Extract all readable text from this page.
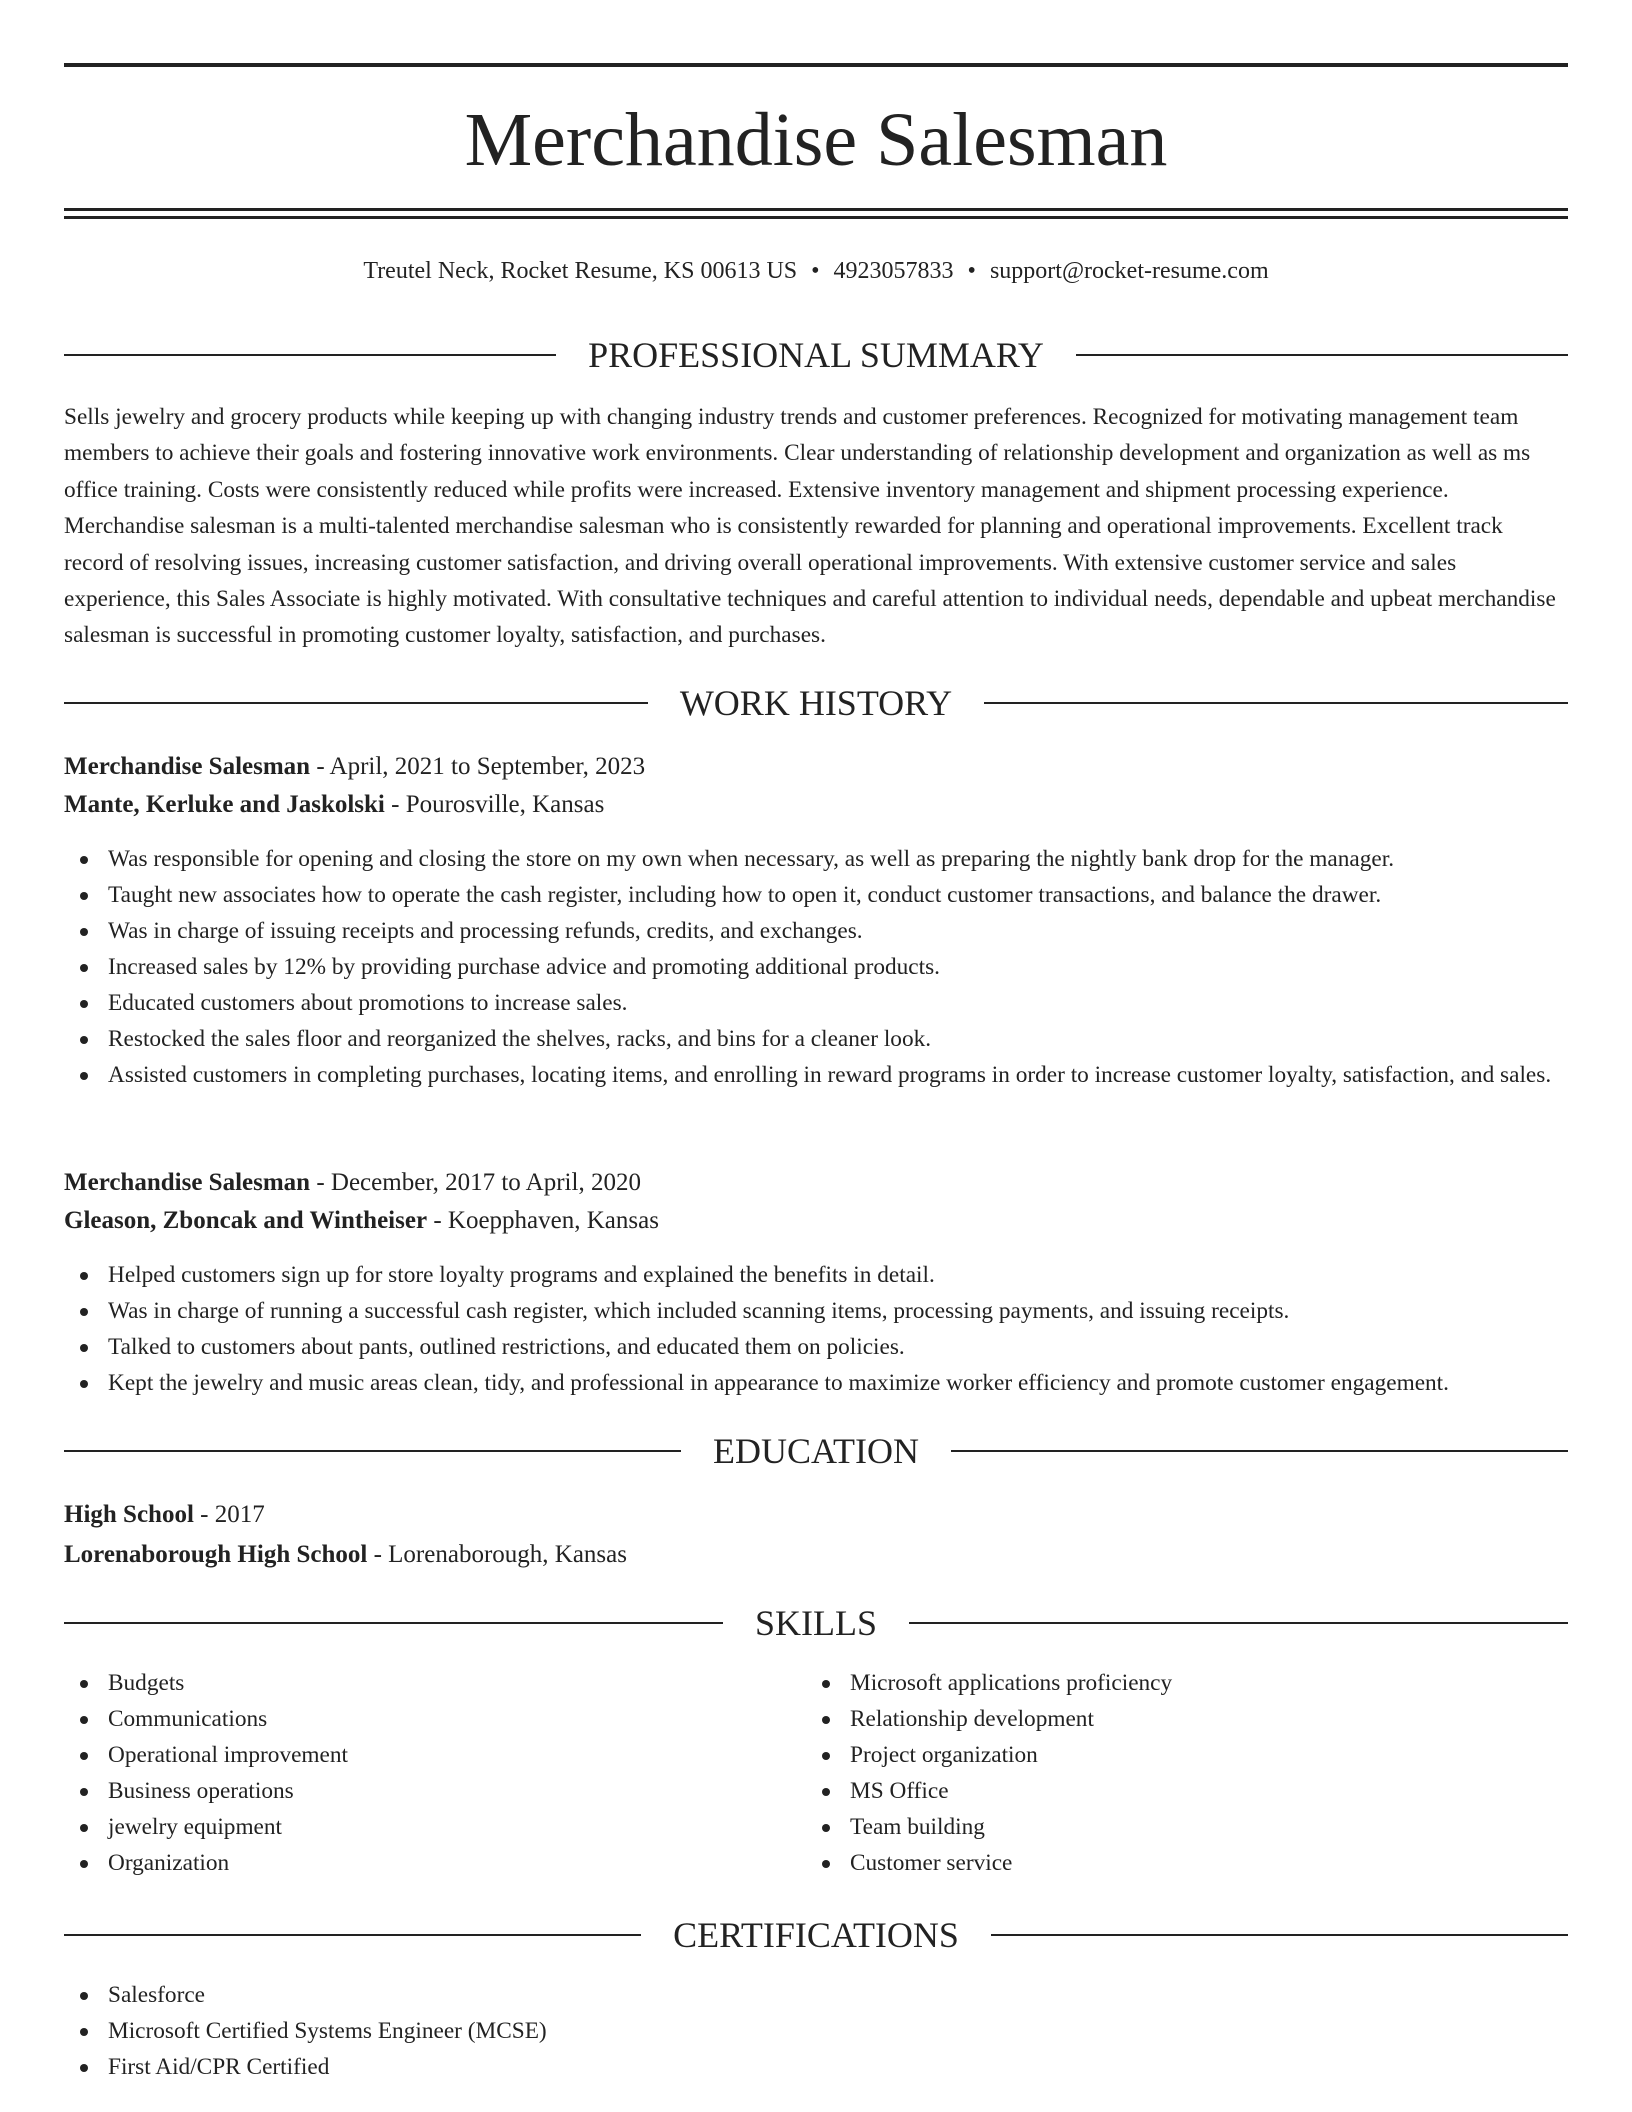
Merchandise Salesman
Treutel Neck, Rocket Resume, KS 00613 US • 4923057833 • support@rocket-resume.com
PROFESSIONAL SUMMARY

Sells jewelry and grocery products while keeping up with changing industry trends and customer preferences. Recognized for motivating management team members to achieve their goals and fostering innovative work environments. Clear understanding of relationship development and organization as well as ms office training. Costs were consistently reduced while profits were increased. Extensive inventory management and shipment processing experience. Merchandise salesman is a multi-talented merchandise salesman who is consistently rewarded for planning and operational improvements. Excellent track record of resolving issues, increasing customer satisfaction, and driving overall operational improvements. With extensive customer service and sales experience, this Sales Associate is highly motivated. With consultative techniques and careful attention to individual needs, dependable and upbeat merchandise salesman is successful in promoting customer loyalty, satisfaction, and purchases.

WORK HISTORY
Merchandise Salesman - April, 2021 to September, 2023
Mante, Kerluke and Jaskolski - Pourosville, Kansas
Was responsible for opening and closing the store on my own when necessary, as well as preparing the nightly bank drop for the manager.
Taught new associates how to operate the cash register, including how to open it, conduct customer transactions, and balance the drawer.
Was in charge of issuing receipts and processing refunds, credits, and exchanges.
Increased sales by 12% by providing purchase advice and promoting additional products.
Educated customers about promotions to increase sales.
Restocked the sales floor and reorganized the shelves, racks, and bins for a cleaner look.
Assisted customers in completing purchases, locating items, and enrolling in reward programs in order to increase customer loyalty, satisfaction, and sales.
Merchandise Salesman - December, 2017 to April, 2020
Gleason, Zboncak and Wintheiser - Koepphaven, Kansas
Helped customers sign up for store loyalty programs and explained the benefits in detail.
Was in charge of running a successful cash register, which included scanning items, processing payments, and issuing receipts.
Talked to customers about pants, outlined restrictions, and educated them on policies.
Kept the jewelry and music areas clean, tidy, and professional in appearance to maximize worker efficiency and promote customer engagement.
EDUCATION
High School - 2017
Lorenaborough High School - Lorenaborough, Kansas
SKILLS
Budgets
Communications
Operational improvement
Business operations
jewelry equipment
Organization
Microsoft applications proficiency
Relationship development
Project organization
MS Office
Team building
Customer service
CERTIFICATIONS
Salesforce
Microsoft Certified Systems Engineer (MCSE)
First Aid/CPR Certified
